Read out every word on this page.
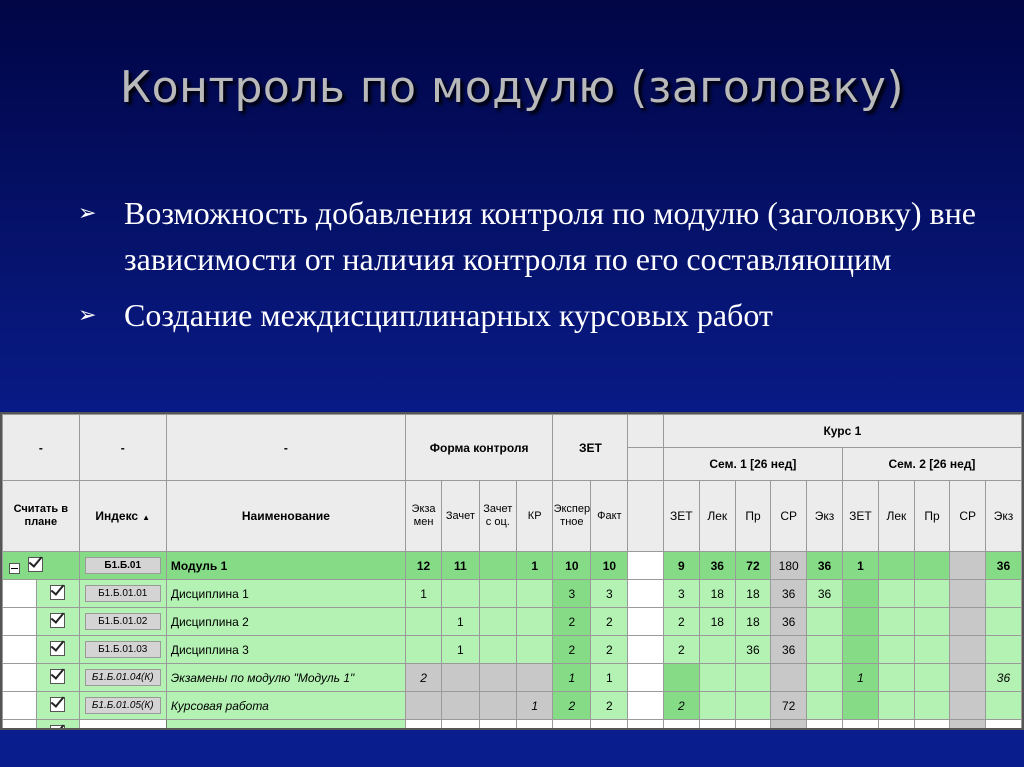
Контроль по модулю (заголовку)
➢ Возможность добавления контроля по модулю (заголовку) вне зависимости от наличия контроля по его составляющим
➢ Создание междисциплинарных курсовых работ
-		-	-	Форма контроля				ЗЕТ			Курс 1									
											Сем. 1 [26 нед]					Сем. 2 [26 нед]				
Считать в плане		Индекс ▲	Наименование	Экза мен	Зачет	Зачет с оц.	КР	Экспер тное	Факт		ЗЕТ	Лек	Пр	СР	Экз	ЗЕТ	Лек	Пр	СР	Экз
		Б1.Б.01	Модуль 1	12	11		1	10	10		9	36	72	180	36	1				36
		Б1.Б.01.01	Дисциплина 1	1				3	3		3	18	18	36	36					
		Б1.Б.01.02	Дисциплина 2		1			2	2		2	18	18	36						
		Б1.Б.01.03	Дисциплина 3		1			2	2		2		36	36						
		Б1.Б.01.04(К)	Экзамены по модулю "Модуль 1"	2				1	1							1				36
		Б1.Б.01.05(К)	Курсовая работа				1	2	2		2			72						
